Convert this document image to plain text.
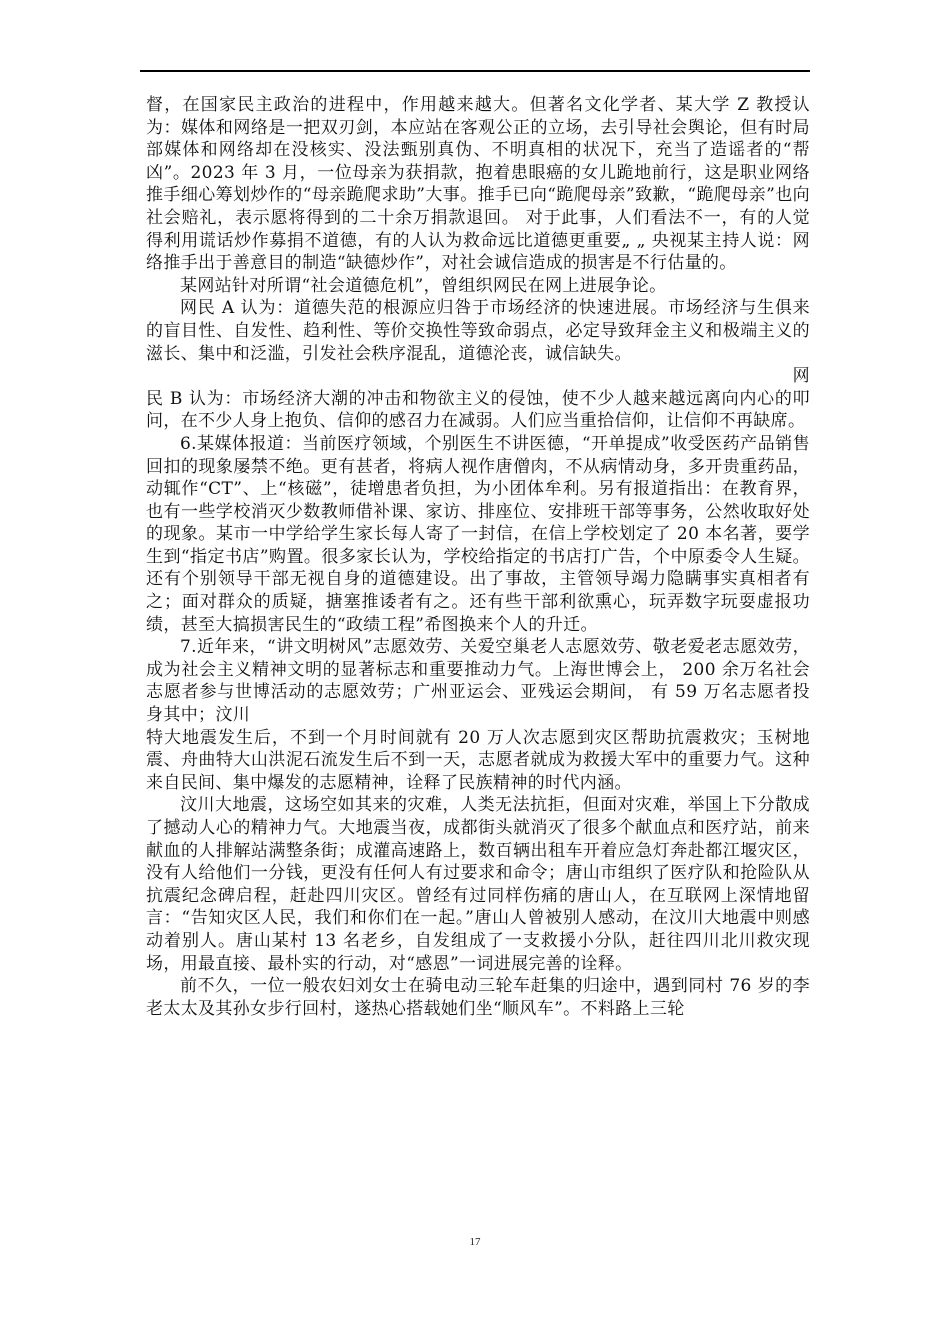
督，在国家民主政治的进程中，作用越来越大。但著名文化学者、某大学 Z 教授认为：媒体和网络是一把双刃剑，本应站在客观公正的立场，去引导社会舆论，但有时局部媒体和网络却在没核实、没法甄别真伪、不明真相的状况下，充当了造谣者的“帮凶”。2023 年 3 月，一位母亲为获捐款，抱着患眼癌的女儿跪地前行，这是职业网络推手细心筹划炒作的“母亲跪爬求助”大事。推手已向“跪爬母亲”致歉，“跪爬母亲”也向社会赔礼，表示愿将得到的二十余万捐款退回。 对于此事，人们看法不一，有的人觉得利用谎话炒作募捐不道德，有的人认为救命远比道德更重要„ „ 央视某主持人说：网络推手出于善意目的制造“缺德炒作”，对社会诚信造成的损害是不行估量的。

某网站针对所谓“社会道德危机”，曾组织网民在网上进展争论。

网民 A 认为：道德失范的根源应归咎于市场经济的快速进展。市场经济与生俱来的盲目性、自发性、趋利性、等价交换性等致命弱点，必定导致拜金主义和极端主义的滋长、集中和泛滥，引发社会秩序混乱，道德沦丧，诚信缺失。

网

民 B 认为：市场经济大潮的冲击和物欲主义的侵蚀，使不少人越来越远离向内心的叩问，在不少人身上抱负、信仰的感召力在减弱。人们应当重拾信仰，让信仰不再缺席。

6.某媒体报道：当前医疗领域，个别医生不讲医德，“开单提成”收受医药产品销售回扣的现象屡禁不绝。更有甚者，将病人视作唐僧肉，不从病情动身，多开贵重药品，动辄作“CT”、上“核磁”，徒增患者负担，为小团体牟利。另有报道指出：在教育界，也有一些学校消灭少数教师借补课、家访、排座位、安排班干部等事务，公然收取好处的现象。某市一中学给学生家长每人寄了一封信，在信上学校划定了 20 本名著，要学生到“指定书店”购置。很多家长认为，学校给指定的书店打广告，个中原委令人生疑。还有个别领导干部无视自身的道德建设。出了事故，主管领导竭力隐瞒事实真相者有之；面对群众的质疑，搪塞推诿者有之。还有些干部利欲熏心，玩弄数字玩耍虚报功绩，甚至大搞损害民生的“政绩工程”希图换来个人的升迁。

7.近年来，“讲文明树风”志愿效劳、关爱空巢老人志愿效劳、敬老爱老志愿效劳，成为社会主义精神文明的显著标志和重要推动力气。上海世博会上， 200 余万名社会志愿者参与世博活动的志愿效劳；广州亚运会、亚残运会期间， 有 59 万名志愿者投身其中；汶川

特大地震发生后，不到一个月时间就有 20 万人次志愿到灾区帮助抗震救灾；玉树地震、舟曲特大山洪泥石流发生后不到一天，志愿者就成为救援大军中的重要力气。这种来自民间、集中爆发的志愿精神，诠释了民族精神的时代内涵。

汶川大地震，这场空如其来的灾难，人类无法抗拒，但面对灾难，举国上下分散成了撼动人心的精神力气。大地震当夜，成都街头就消灭了很多个献血点和医疗站，前来献血的人排解站满整条街；成灌高速路上，数百辆出租车开着应急灯奔赴都江堰灾区，没有人给他们一分钱，更没有任何人有过要求和命令；唐山市组织了医疗队和抢险队从抗震纪念碑启程，赶赴四川灾区。曾经有过同样伤痛的唐山人，在互联网上深情地留言：“告知灾区人民，我们和你们在一起。”唐山人曾被别人感动，在汶川大地震中则感动着别人。唐山某村 13 名老乡，自发组成了一支救援小分队，赶往四川北川救灾现场，用最直接、最朴实的行动，对“感恩”一词进展完善的诠释。

前不久，一位一般农妇刘女士在骑电动三轮车赶集的归途中，遇到同村 76 岁的李老太太及其孙女步行回村，遂热心搭载她们坐“顺风车”。不料路上三轮

17
